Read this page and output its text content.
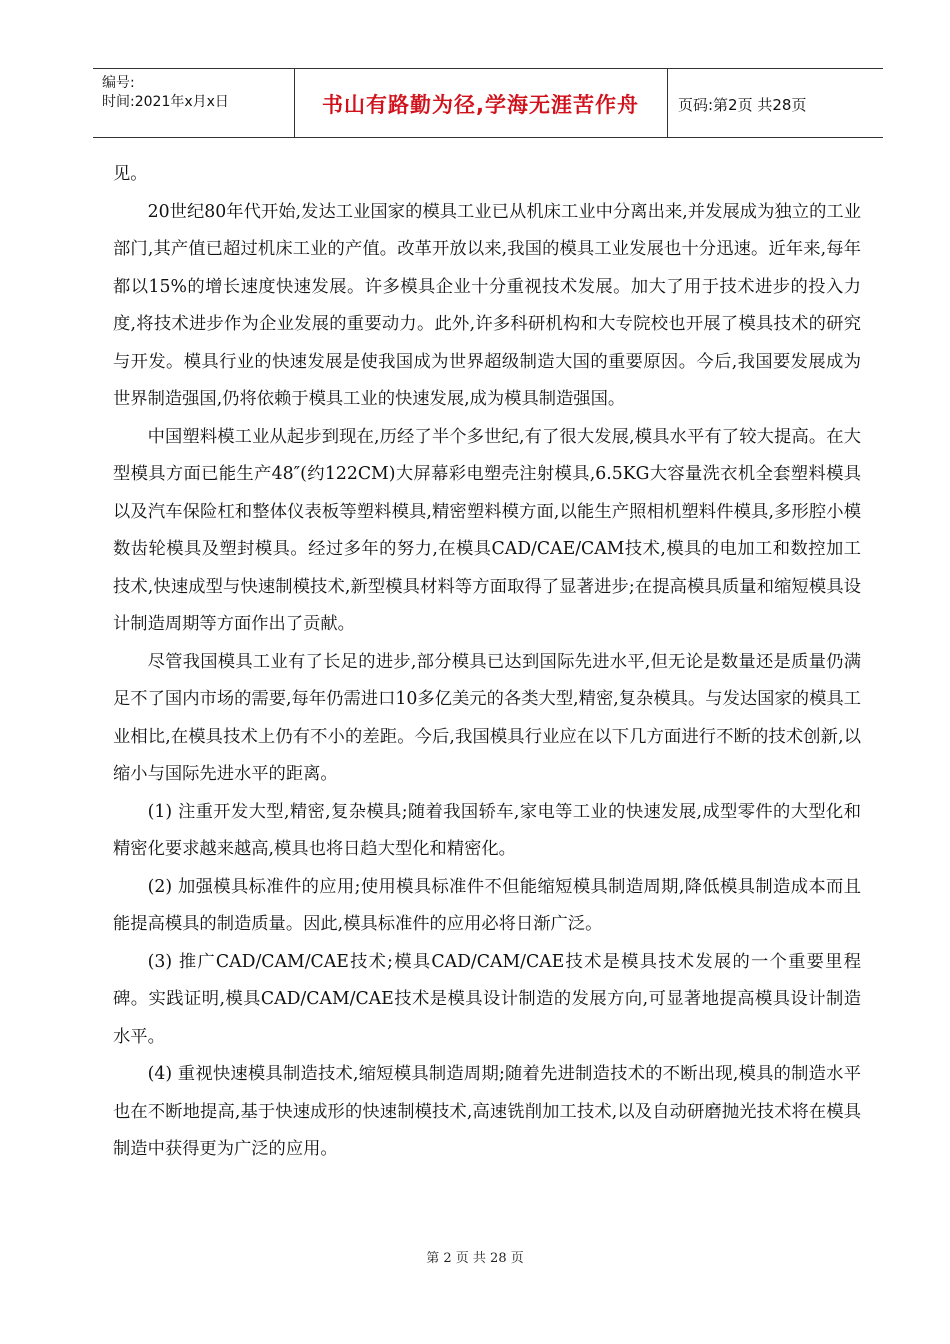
编号:
时间:2021年x月x日	书山有路勤为径,学海无涯苦作舟	页码:第2页 共28页

见。

20世纪80年代开始,发达工业国家的模具工业已从机床工业中分离出来,并发展成为独立的工业部门,其产值已超过机床工业的产值。改革开放以来,我国的模具工业发展也十分迅速。近年来,每年都以15%的增长速度快速发展。许多模具企业十分重视技术发展。加大了用于技术进步的投入力度,将技术进步作为企业发展的重要动力。此外,许多科研机构和大专院校也开展了模具技术的研究与开发。模具行业的快速发展是使我国成为世界超级制造大国的重要原因。今后,我国要发展成为世界制造强国,仍将依赖于模具工业的快速发展,成为模具制造强国。

中国塑料模工业从起步到现在,历经了半个多世纪,有了很大发展,模具水平有了较大提高。在大型模具方面已能生产48″(约122CM)大屏幕彩电塑壳注射模具,6.5KG大容量洗衣机全套塑料模具以及汽车保险杠和整体仪表板等塑料模具,精密塑料模方面,以能生产照相机塑料件模具,多形腔小模数齿轮模具及塑封模具。经过多年的努力,在模具CAD/CAE/CAM技术,模具的电加工和数控加工技术,快速成型与快速制模技术,新型模具材料等方面取得了显著进步;在提高模具质量和缩短模具设计制造周期等方面作出了贡献。

尽管我国模具工业有了长足的进步,部分模具已达到国际先进水平,但无论是数量还是质量仍满足不了国内市场的需要,每年仍需进口10多亿美元的各类大型,精密,复杂模具。与发达国家的模具工业相比,在模具技术上仍有不小的差距。今后,我国模具行业应在以下几方面进行不断的技术创新,以缩小与国际先进水平的距离。

(1) 注重开发大型,精密,复杂模具;随着我国轿车,家电等工业的快速发展,成型零件的大型化和精密化要求越来越高,模具也将日趋大型化和精密化。

(2) 加强模具标准件的应用;使用模具标准件不但能缩短模具制造周期,降低模具制造成本而且能提高模具的制造质量。因此,模具标准件的应用必将日渐广泛。

(3) 推广CAD/CAM/CAE技术;模具CAD/CAM/CAE技术是模具技术发展的一个重要里程碑。实践证明,模具CAD/CAM/CAE技术是模具设计制造的发展方向,可显著地提高模具设计制造水平。

(4) 重视快速模具制造技术,缩短模具制造周期;随着先进制造技术的不断出现,模具的制造水平也在不断地提高,基于快速成形的快速制模技术,高速铣削加工技术,以及自动研磨抛光技术将在模具制造中获得更为广泛的应用。

第 2 页 共 28 页
